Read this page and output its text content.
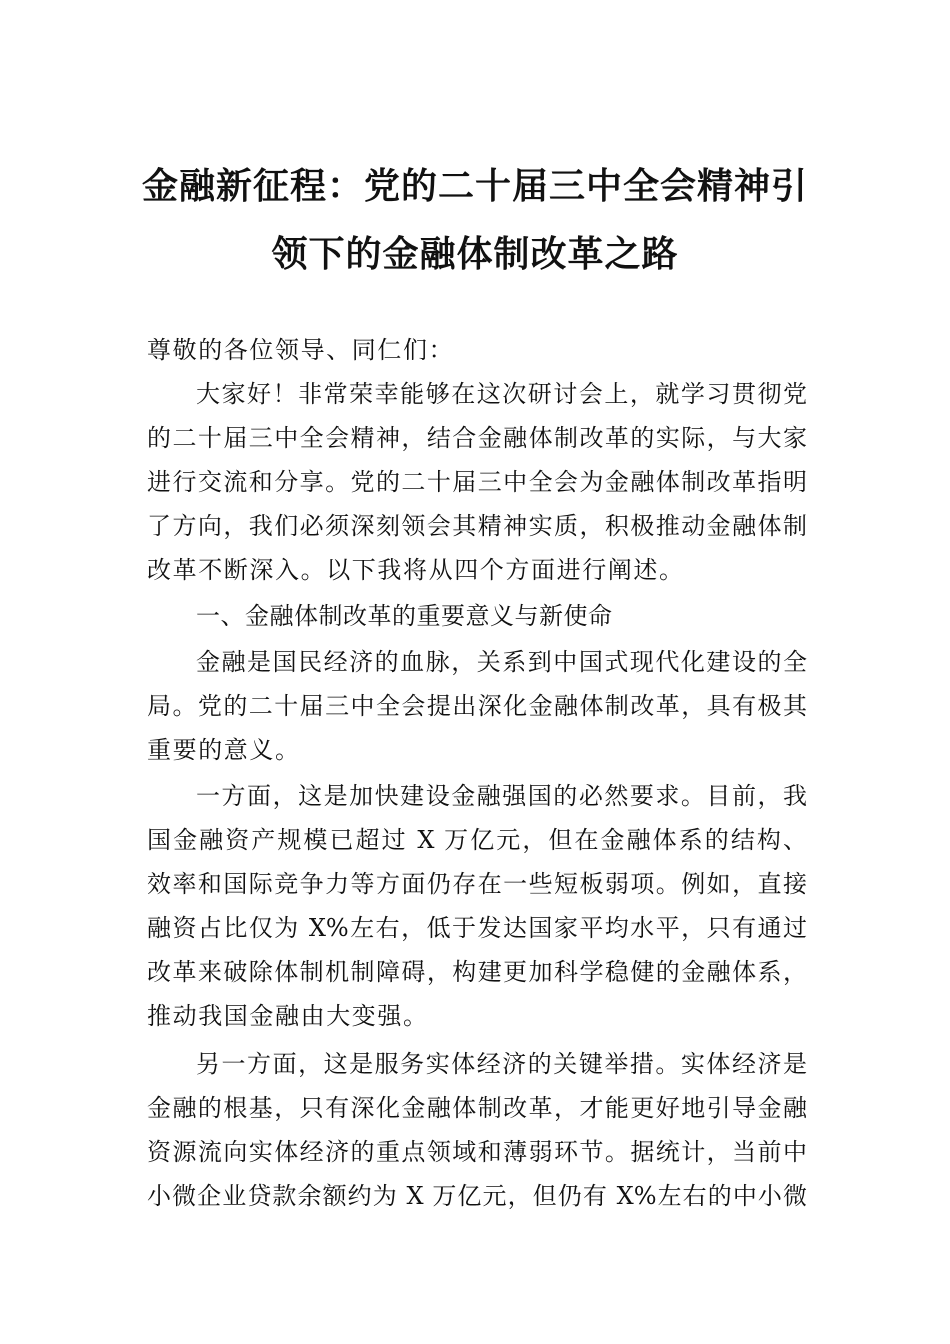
金融新征程：党的二十届三中全会精神引
领下的金融体制改革之路
尊敬的各位领导、同仁们：
大家好！非常荣幸能够在这次研讨会上，就学习贯彻党
的二十届三中全会精神，结合金融体制改革的实际，与大家
进行交流和分享。党的二十届三中全会为金融体制改革指明
了方向，我们必须深刻领会其精神实质，积极推动金融体制
改革不断深入。以下我将从四个方面进行阐述。
一、金融体制改革的重要意义与新使命
金融是国民经济的血脉，关系到中国式现代化建设的全
局。党的二十届三中全会提出深化金融体制改革，具有极其
重要的意义。
一方面，这是加快建设金融强国的必然要求。目前，我
国金融资产规模已超过 X 万亿元，但在金融体系的结构、
效率和国际竞争力等方面仍存在一些短板弱项。例如，直接
融资占比仅为 X%左右，低于发达国家平均水平，只有通过
改革来破除体制机制障碍，构建更加科学稳健的金融体系，
推动我国金融由大变强。
另一方面，这是服务实体经济的关键举措。实体经济是
金融的根基，只有深化金融体制改革，才能更好地引导金融
资源流向实体经济的重点领域和薄弱环节。据统计，当前中
小微企业贷款余额约为 X 万亿元，但仍有 X%左右的中小微
